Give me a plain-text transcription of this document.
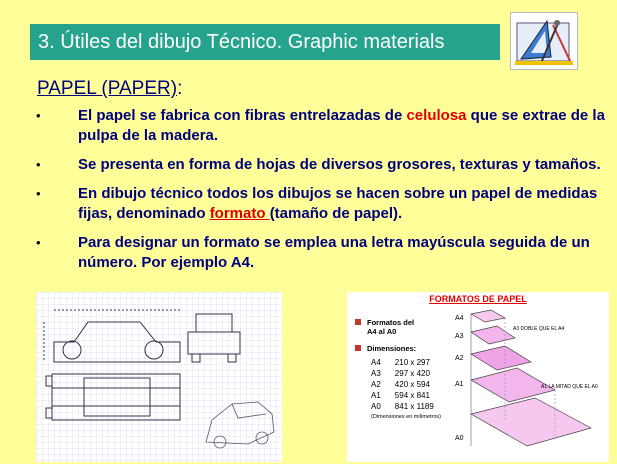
3. Útiles del dibujo Técnico. Graphic materials
PAPEL (PAPER):
•	El papel se fabrica con fibras entrelazadas de celulosa que se extrae de la pulpa de la madera.
•	Se presenta en forma de hojas de diversos grosores, texturas y tamaños.
•	En dibujo técnico todos los dibujos se hacen sobre un papel de medidas fijas, denominado formato (tamaño de papel).
•	Para designar un formato se emplea una letra mayúscula seguida de un número. Por ejemplo A4.
FORMATOS DE PAPEL
Formatos del A4 al A0
Dimensiones:
A4	210 x 297
A3	297 x 420
A2	420 x 594
A1	594 x 841
A0	841 x 1189
(Dimensiones en milímetros)
A4
A3
A2
A1
A0
A3 DOBLE QUE EL A4
A1 LA MITAD QUE EL A0
